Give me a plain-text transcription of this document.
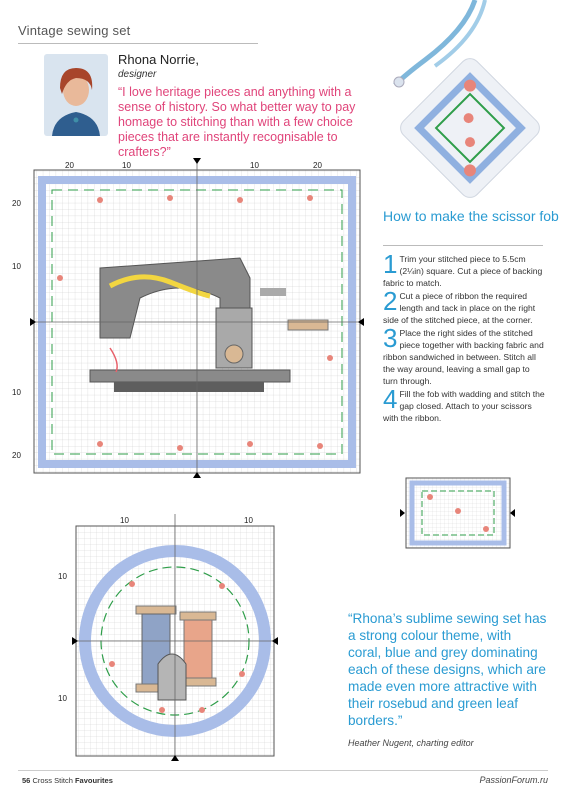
Vintage sewing set
Rhona Norrie,
designer
“I love heritage pieces and anything with a sense of history. So what better way to pay homage to stitching than with a few choice pieces that are instantly recognisable to crafters?”
How to make the scissor fob
1 Trim your stitched piece to 5.5cm (2¼in) square. Cut a piece of backing fabric to match.
2 Cut a piece of ribbon the required length and tack in place on the right side of the stitched piece, at the corner.
3 Place the right sides of the stitched piece together with backing fabric and ribbon sandwiched in between. Stitch all the way around, leaving a small gap to turn through.
4 Fill the fob with wadding and stitch the gap closed. Attach to your scissors with the ribbon.
20	10	10	20
20
10
10
20
10	10
10
10
“Rhona’s sublime sewing set has a strong colour theme, with coral, blue and grey dominating each of these designs, which are made even more attractive with their rosebud and green leaf borders.”
Heather Nugent, charting editor
56 Cross Stitch Favourites	PassionForum.ru
